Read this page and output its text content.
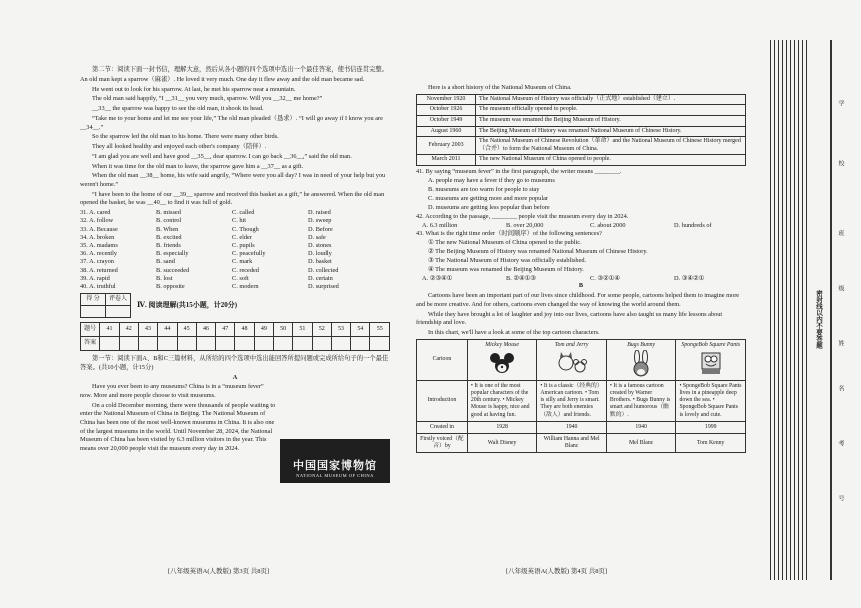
第二节：阅读下面一封书信，理解大意，然后从各小题的四个选项中选出一个最佳答案，使书信连贯完整。

An old man kept a sparrow（麻雀）. He loved it very much. One day it flew away and the old man became sad.

He went out to look for his sparrow. At last, he met his sparrow near a mountain.

The old man said happily, “I __31__ you very much, sparrow. Will you __32__ me home?”

__33__ the sparrow was happy to see the old man, it shook its head.

“Take me to your home and let me see your life,” The old man pleaded（恳求）. “I will go away if I know you are __34__.”

So the sparrow led the old man to his home. There were many other birds.

They all looked healthy and enjoyed each other's company（陪伴）.

“I am glad you are well and have good __35__, dear sparrow. I can go back __36__,” said the old man.

When it was time for the old man to leave, the sparrow gave him a __37__ as a gift.

When the old man __38__ home, his wife said angrily, “Where were you all day? I was in need of your help but you weren't home.”

“I have been to the home of our __39__ sparrow and received this basket as a gift,” he answered. When the old man opened the basket, he was __40__ to find it was full of gold.

31. A. cared	B. missed	C. called	D. raised
32. A. follow	B. control	C. hit	D. sweep
33. A. Because	B. When	C. Though	D. Before
34. A. broken	B. excited	C. elder	D. safe
35. A. madams	B. friends	C. pupils	D. stones
36. A. recently	B. especially	C. peacefully	D. loudly
37. A. crayon	B. sand	C. mark	D. basket
38. A. returned	B. succeeded	C. receded	D. collected
39. A. rapid	B. lost	C. soft	D. certain
40. A. truthful	B. opposite	C. modern	D. surprised
得 分	评卷人

Ⅳ. 阅读理解(共15小题，计20分)
题号	41	42	43	44	45	46	47	48	49	50	51	52	53	54	55
答案															

第一节：阅读下面A、B和C三篇材料，从所给的四个选项中选出能回答所提问题或完成所给句子的一个最佳答案。(共10小题，计15分)

A

Have you ever been to any museums? China is in a “museum fever” now. More and more people choose to visit museums.

On a cold December morning, there were thousands of people waiting to enter the National Museum of China in Beijing. The National Museum of China has been one of the most well-known museums in China. It is also one of the largest museums in the world. Until November 28, 2024, the National Museum of China has been visited by 6.3 million visitors in the year. This means over 20,000 people visit the museum every day in 2024.

中国国家博物馆
NATIONAL MUSEUM OF CHINA
[八年级英语A(人教版) 第3页 共8页]

Here is a short history of the National Museum of China.

November 1920	The National Museum of History was officially（正式地）established（建立）.
October 1926	The museum officially opened to people.
October 1949	The museum was renamed the Beijing Museum of History.
August 1960	The Beijing Museum of History was renamed National Museum of Chinese History.
February 2003	The National Museum of Chinese Revolution（革命）and the National Museum of Chinese History merged（合并）to form the National Museum of China.
March 2011	The new National Museum of China opened to people.

41. By saying “museum fever” in the first paragraph, the writer means ________.

A. people may have a fever if they go to museums

B. museums are too warm for people to stay

C. museums are getting more and more popular

D. museums are getting less popular than before

42. According to the passage, ________ people visit the museum every day in 2024.

A. 6.3 million	B. over 20,000	C. about 2000	D. hundreds of

43. What is the right time order（时间顺序）of the following sentences?

① The new National Museum of China opened to the public.

② The Beijing Museum of History was renamed National Museum of Chinese History.

③ The National Museum of History was officially established.

④ The museum was renamed the Beijing Museum of History.

A. ②③④①	B. ②④①③	C. ③②①④	D. ③④②①

B

Cartoons have been an important part of our lives since childhood. For some people, cartoons helped them to imagine more and be more creative. And for others, cartoons even changed the way of knowing the world around them.

While they have brought a lot of laughter and joy into our lives, cartoons have also taught us many life lessons about friendship and love.

In this chart, we'll have a look at some of the top cartoon characters.

Cartoon	Mickey Mouse	Tom and Jerry	Bugs Bunny	SpongeBob Square Pants

Introduction	• It is one of the most popular characters of the 20th century. • Mickey Mouse is happy, nice and good at having fun.	• It is a classic（经典的）American cartoon. • Tom is silly and Jerry is smart. They are both enemies（敌人）and friends.	• It is a famous cartoon created by Warner Brothers. • Bugs Bunny is smart and humorous（幽默的）.	• SpongeBob Square Pants lives in a pineapple deep down the sea. • SpongeBob Square Pants is lovely and cute.
Created in	1928	1940	1940	1999
Firstly voiced（配音）by	Walt Disney	William Hanna and Mel Blanc	Mel Blanc	Tom Kenny
[八年级英语A(人教版) 第4页 共8页]
密封线以内不要答题
学
校
班
级
姓
名
考
号
